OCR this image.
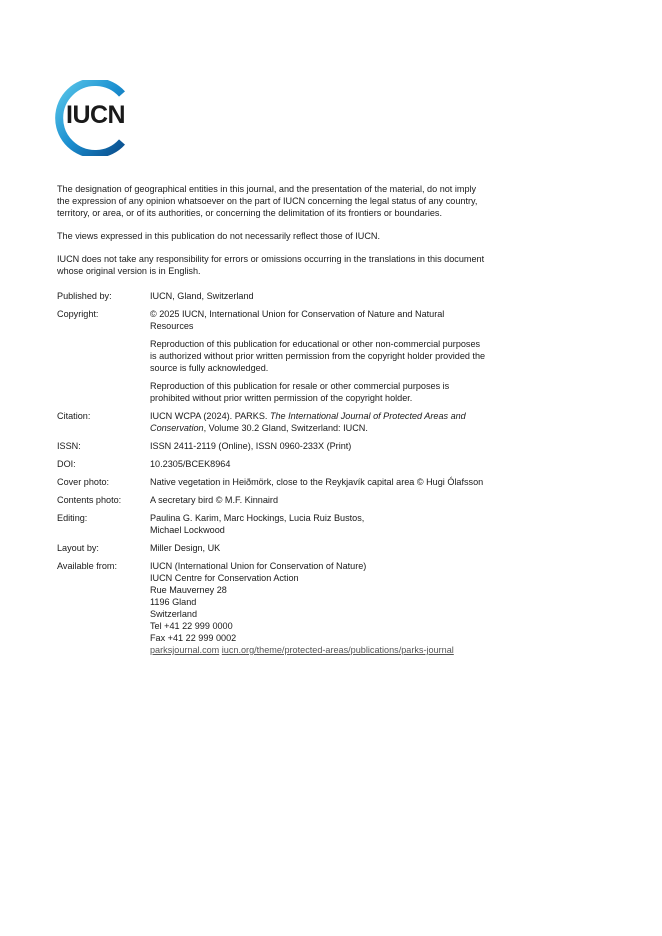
IUCN

The designation of geographical entities in this journal, and the presentation of the material, do not imply the expression of any opinion whatsoever on the part of IUCN concerning the legal status of any country, territory, or area, or of its authorities, or concerning the delimitation of its frontiers or boundaries.

The views expressed in this publication do not necessarily reflect those of IUCN.

IUCN does not take any responsibility for errors or omissions occurring in the translations in this document whose original version is in English.

Published by:	IUCN, Gland, Switzerland
Copyright:	© 2025 IUCN, International Union for Conservation of Nature and Natural Resources
Reproduction of this publication for educational or other non-commercial purposes is authorized without prior written permission from the copyright holder provided the source is fully acknowledged.
Reproduction of this publication for resale or other commercial purposes is prohibited without prior written permission of the copyright holder.
Citation:	IUCN WCPA (2024). PARKS. The International Journal of Protected Areas and Conservation, Volume 30.2 Gland, Switzerland: IUCN.
ISSN:	ISSN 2411-2119 (Online), ISSN 0960-233X (Print)
DOI:	10.2305/BCEK8964
Cover photo:	Native vegetation in Heiðmörk, close to the Reykjavík capital area © Hugi Ólafsson
Contents photo:	A secretary bird © M.F. Kinnaird
Editing:	Paulina G. Karim, Marc Hockings, Lucia Ruiz Bustos,
Michael Lockwood
Layout by:	Miller Design, UK
Available from:	IUCN (International Union for Conservation of Nature)
IUCN Centre for Conservation Action
Rue Mauverney 28
1196 Gland
Switzerland
Tel +41 22 999 0000
Fax +41 22 999 0002
parksjournal.com iucn.org/theme/protected-areas/publications/parks-journal
